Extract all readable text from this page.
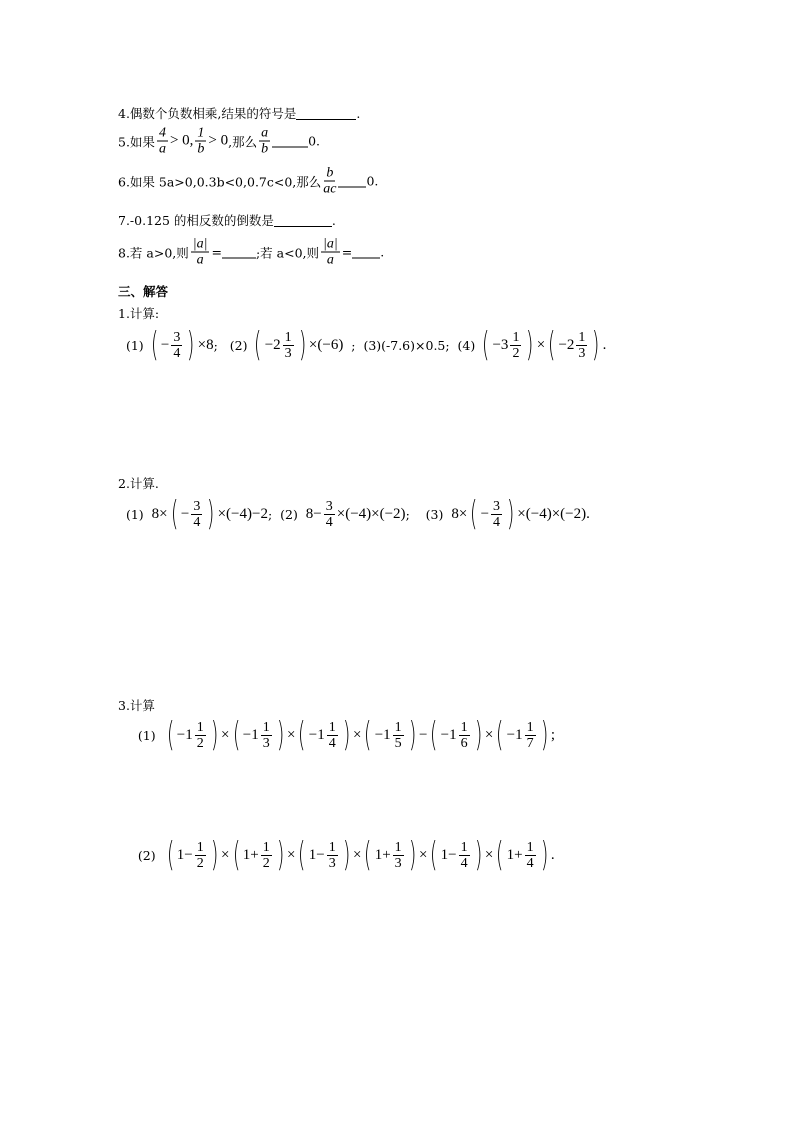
4.偶数个负数相乘,结果的符号是	.
5.如果 $\frac{4}{a} > 0$, $\frac{1}{b} > 0$ ,那么 $\frac{a}{b}$	0.
6.如果 5a>0,0.3b<0,0.7c<0,那么 $\frac{b}{ac} 0$.
7.-0.125 的相反数的倒数是	.
8.若 a>0,则 $\frac{|a|}{a}$ =	;若 a<0,则 $\frac{|a|}{a}$ = .
三、解答
1.计算:
(1) ( − $\frac{3}{4}$ ) ×8 ;   (2) ( $-2 \frac{1}{3}$ ) ×(−6) ;  (3)(-7.6)×0.5;  (4) ( $-3 \frac{1}{2}$ ) × ( $-2 \frac{1}{3}$ ) .
2.计算.
(1) 8× ( − $\frac{3}{4}$ ) ×(−4)−2 ;  (2) $8- \frac{3}{4} \times(-4)\times(-2)$ ;    (3) 8× ( − $\frac{3}{4}$ ) ×(−4)×(−2).
3.计算
(1) ( $-1 \frac{1}{2}$ ) × ( $-1 \frac{1}{3}$ ) × ( $-1 \frac{1}{4}$ ) × ( $-1 \frac{1}{5}$ ) − ( $-1 \frac{1}{6}$ ) × ( $-1 \frac{1}{7}$ ) ;
(2) ( $1- \frac{1}{2}$ ) × ( $1+ \frac{1}{2}$ ) × ( $1- \frac{1}{3}$ ) × ( $1+ \frac{1}{3}$ ) × ( $1- \frac{1}{4}$ ) × ( $1+ \frac{1}{4}$ ) .
